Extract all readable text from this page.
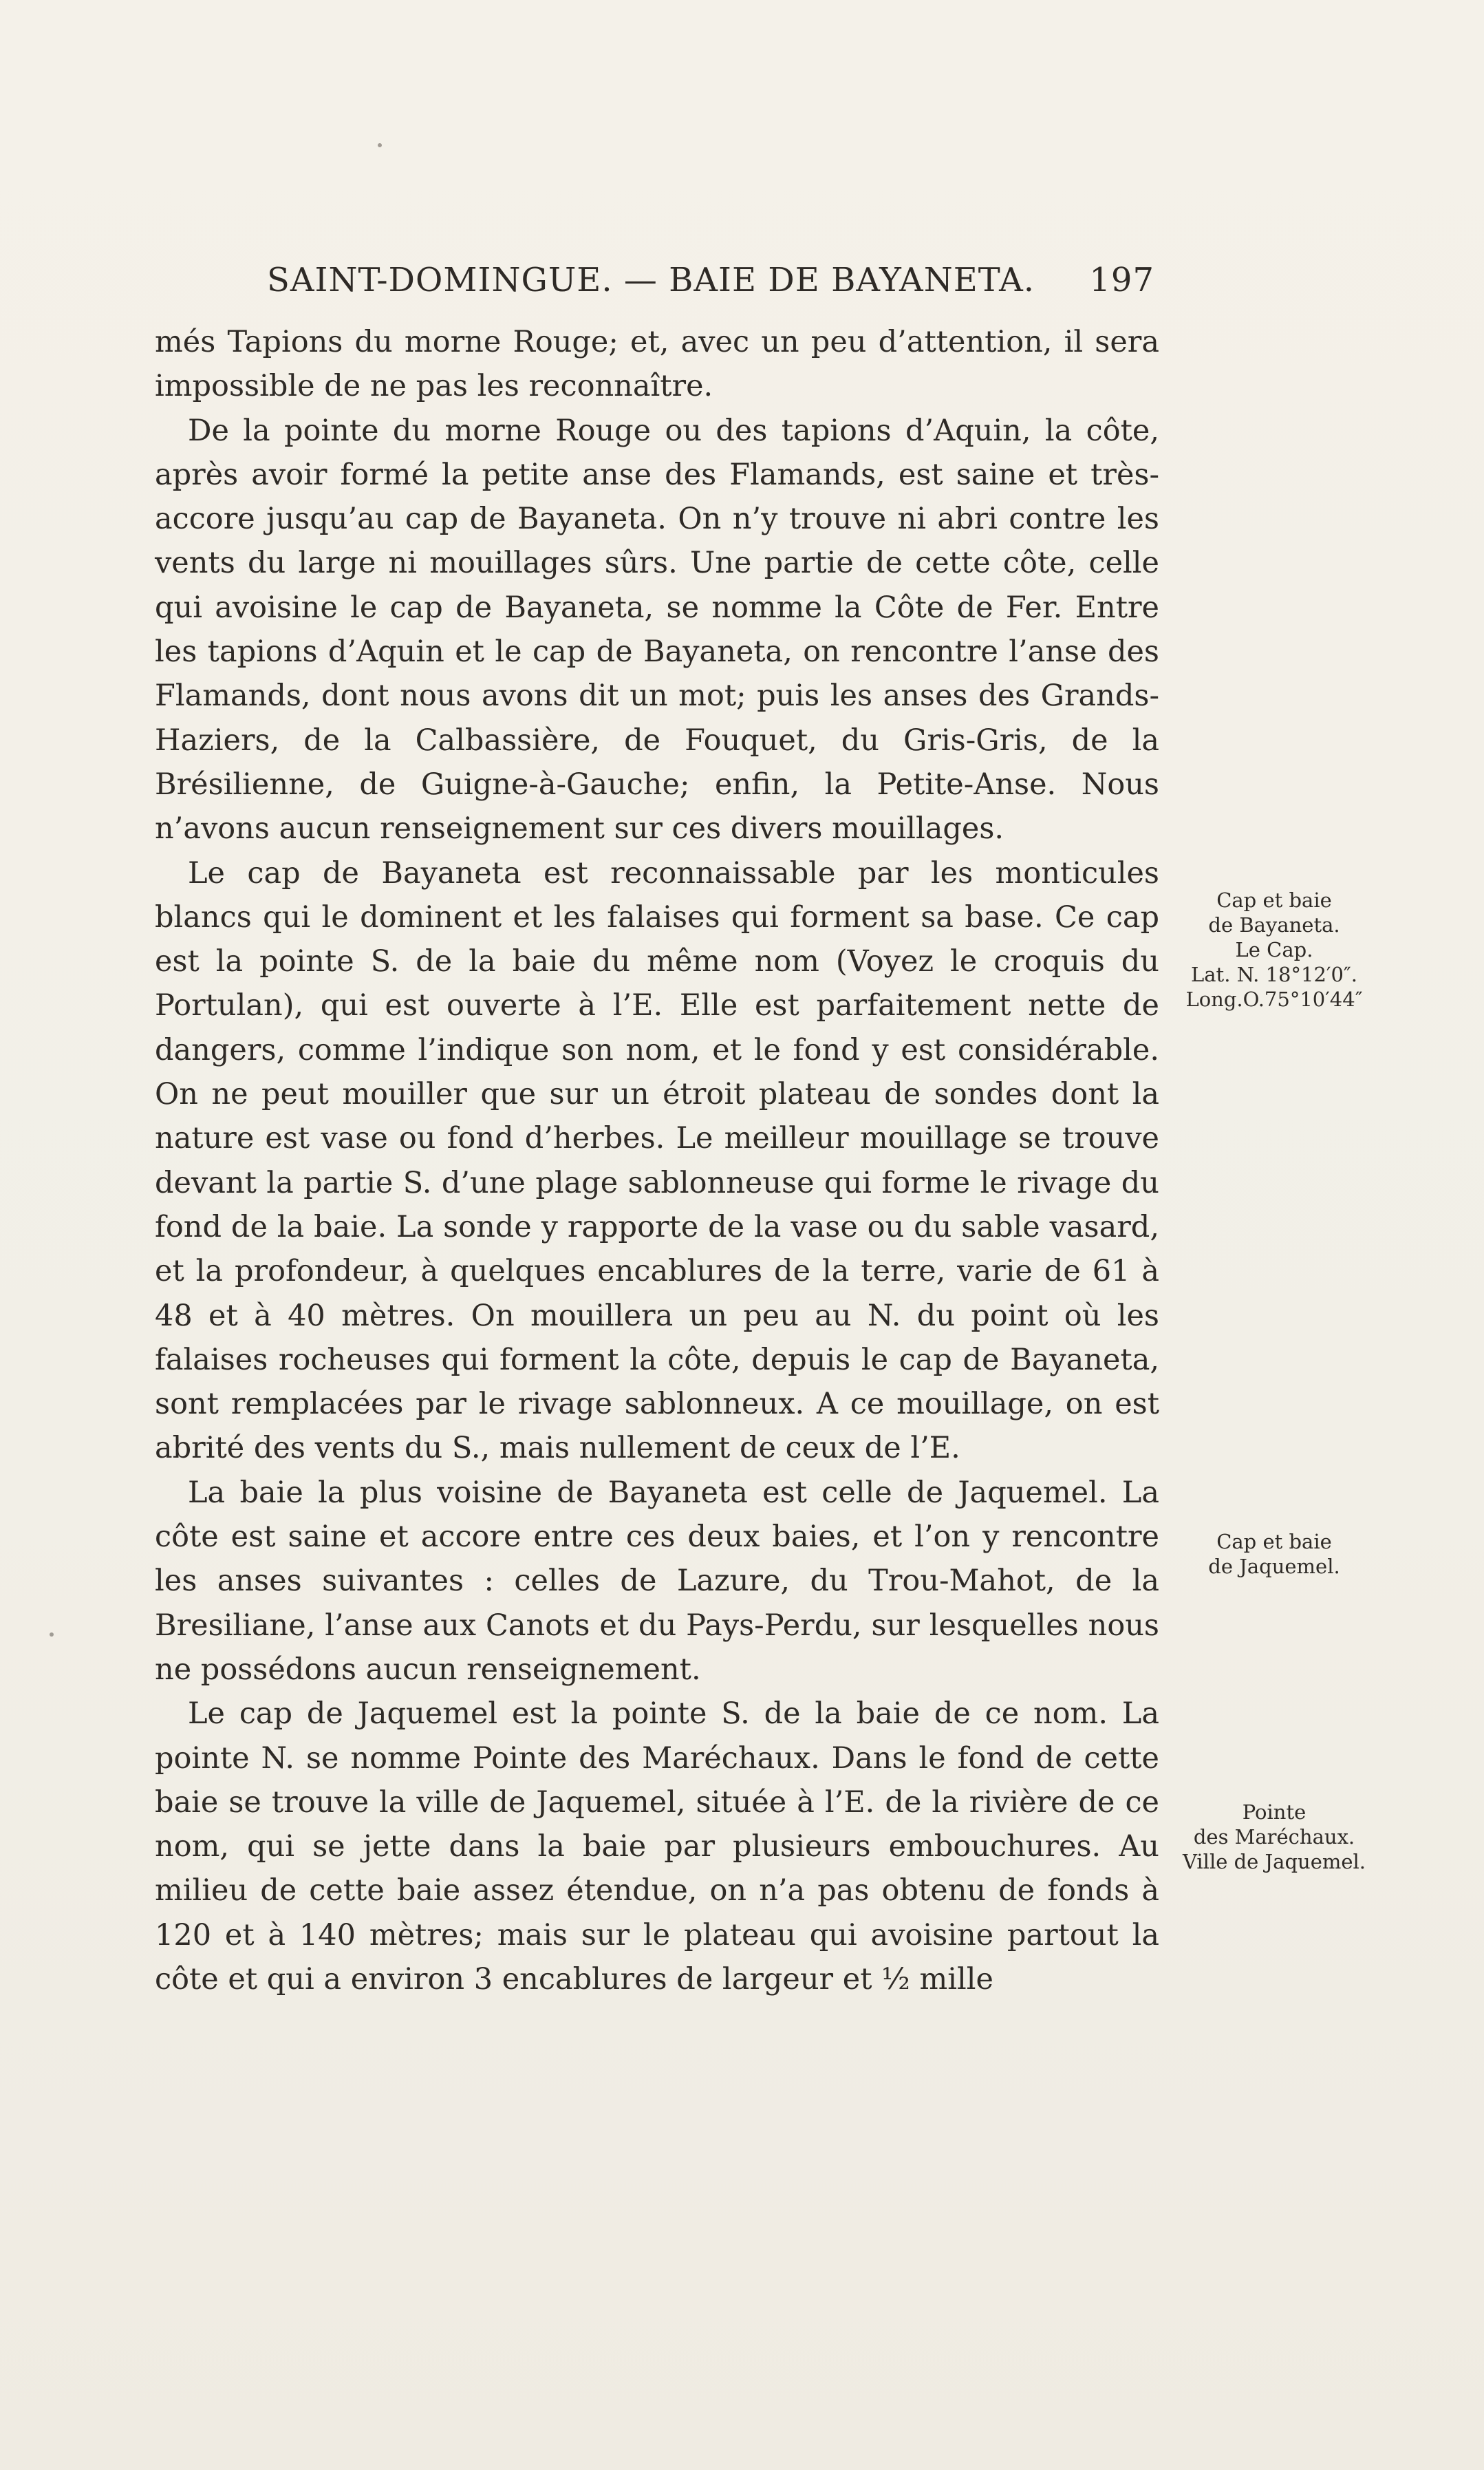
SAINT-DOMINGUE. — BAIE DE BAYANETA. 197

més Tapions du morne Rouge; et, avec un peu d’attention, il sera impossible de ne pas les reconnaître.

De la pointe du morne Rouge ou des tapions d’Aquin, la côte, après avoir formé la petite anse des Flamands, est saine et très-accore jusqu’au cap de Bayaneta. On n’y trouve ni abri contre les vents du large ni mouillages sûrs. Une partie de cette côte, celle qui avoisine le cap de Bayaneta, se nomme la Côte de Fer. Entre les tapions d’Aquin et le cap de Bayaneta, on rencontre l’anse des Flamands, dont nous avons dit un mot; puis les anses des Grands-Haziers, de la Calbassière, de Fouquet, du Gris-Gris, de la Brésilienne, de Guigne-à-Gauche; enfin, la Petite-Anse. Nous n’avons aucun renseignement sur ces divers mouillages.

Le cap de Bayaneta est reconnaissable par les monticules blancs qui le dominent et les falaises qui forment sa base. Ce cap est la pointe S. de la baie du même nom (Voyez le croquis du Portulan), qui est ouverte à l’E. Elle est parfaitement nette de dangers, comme l’indique son nom, et le fond y est considérable. On ne peut mouiller que sur un étroit plateau de sondes dont la nature est vase ou fond d’herbes. Le meilleur mouillage se trouve devant la partie S. d’une plage sablonneuse qui forme le rivage du fond de la baie. La sonde y rapporte de la vase ou du sable vasard, et la profondeur, à quelques encablures de la terre, varie de 61 à 48 et à 40 mètres. On mouillera un peu au N. du point où les falaises rocheuses qui forment la côte, depuis le cap de Bayaneta, sont remplacées par le rivage sablonneux. A ce mouillage, on est abrité des vents du S., mais nullement de ceux de l’E.

La baie la plus voisine de Bayaneta est celle de Jaquemel. La côte est saine et accore entre ces deux baies, et l’on y rencontre les anses suivantes : celles de Lazure, du Trou-Mahot, de la Bresiliane, l’anse aux Canots et du Pays-Perdu, sur lesquelles nous ne possédons aucun renseignement.

Le cap de Jaquemel est la pointe S. de la baie de ce nom. La pointe N. se nomme Pointe des Maréchaux. Dans le fond de cette baie se trouve la ville de Jaquemel, située à l’E. de la rivière de ce nom, qui se jette dans la baie par plusieurs embouchures. Au milieu de cette baie assez étendue, on n’a pas obtenu de fonds à 120 et à 140 mètres; mais sur le plateau qui avoisine partout la côte et qui a environ 3 encablures de largeur et ½ mille

Cap et baie
de Bayaneta.
Le Cap.
Lat. N. 18°12′0″.
Long.O.75°10′44″
Cap et baie
de Jaquemel.
Pointe
des Maréchaux.
Ville de Jaquemel.
